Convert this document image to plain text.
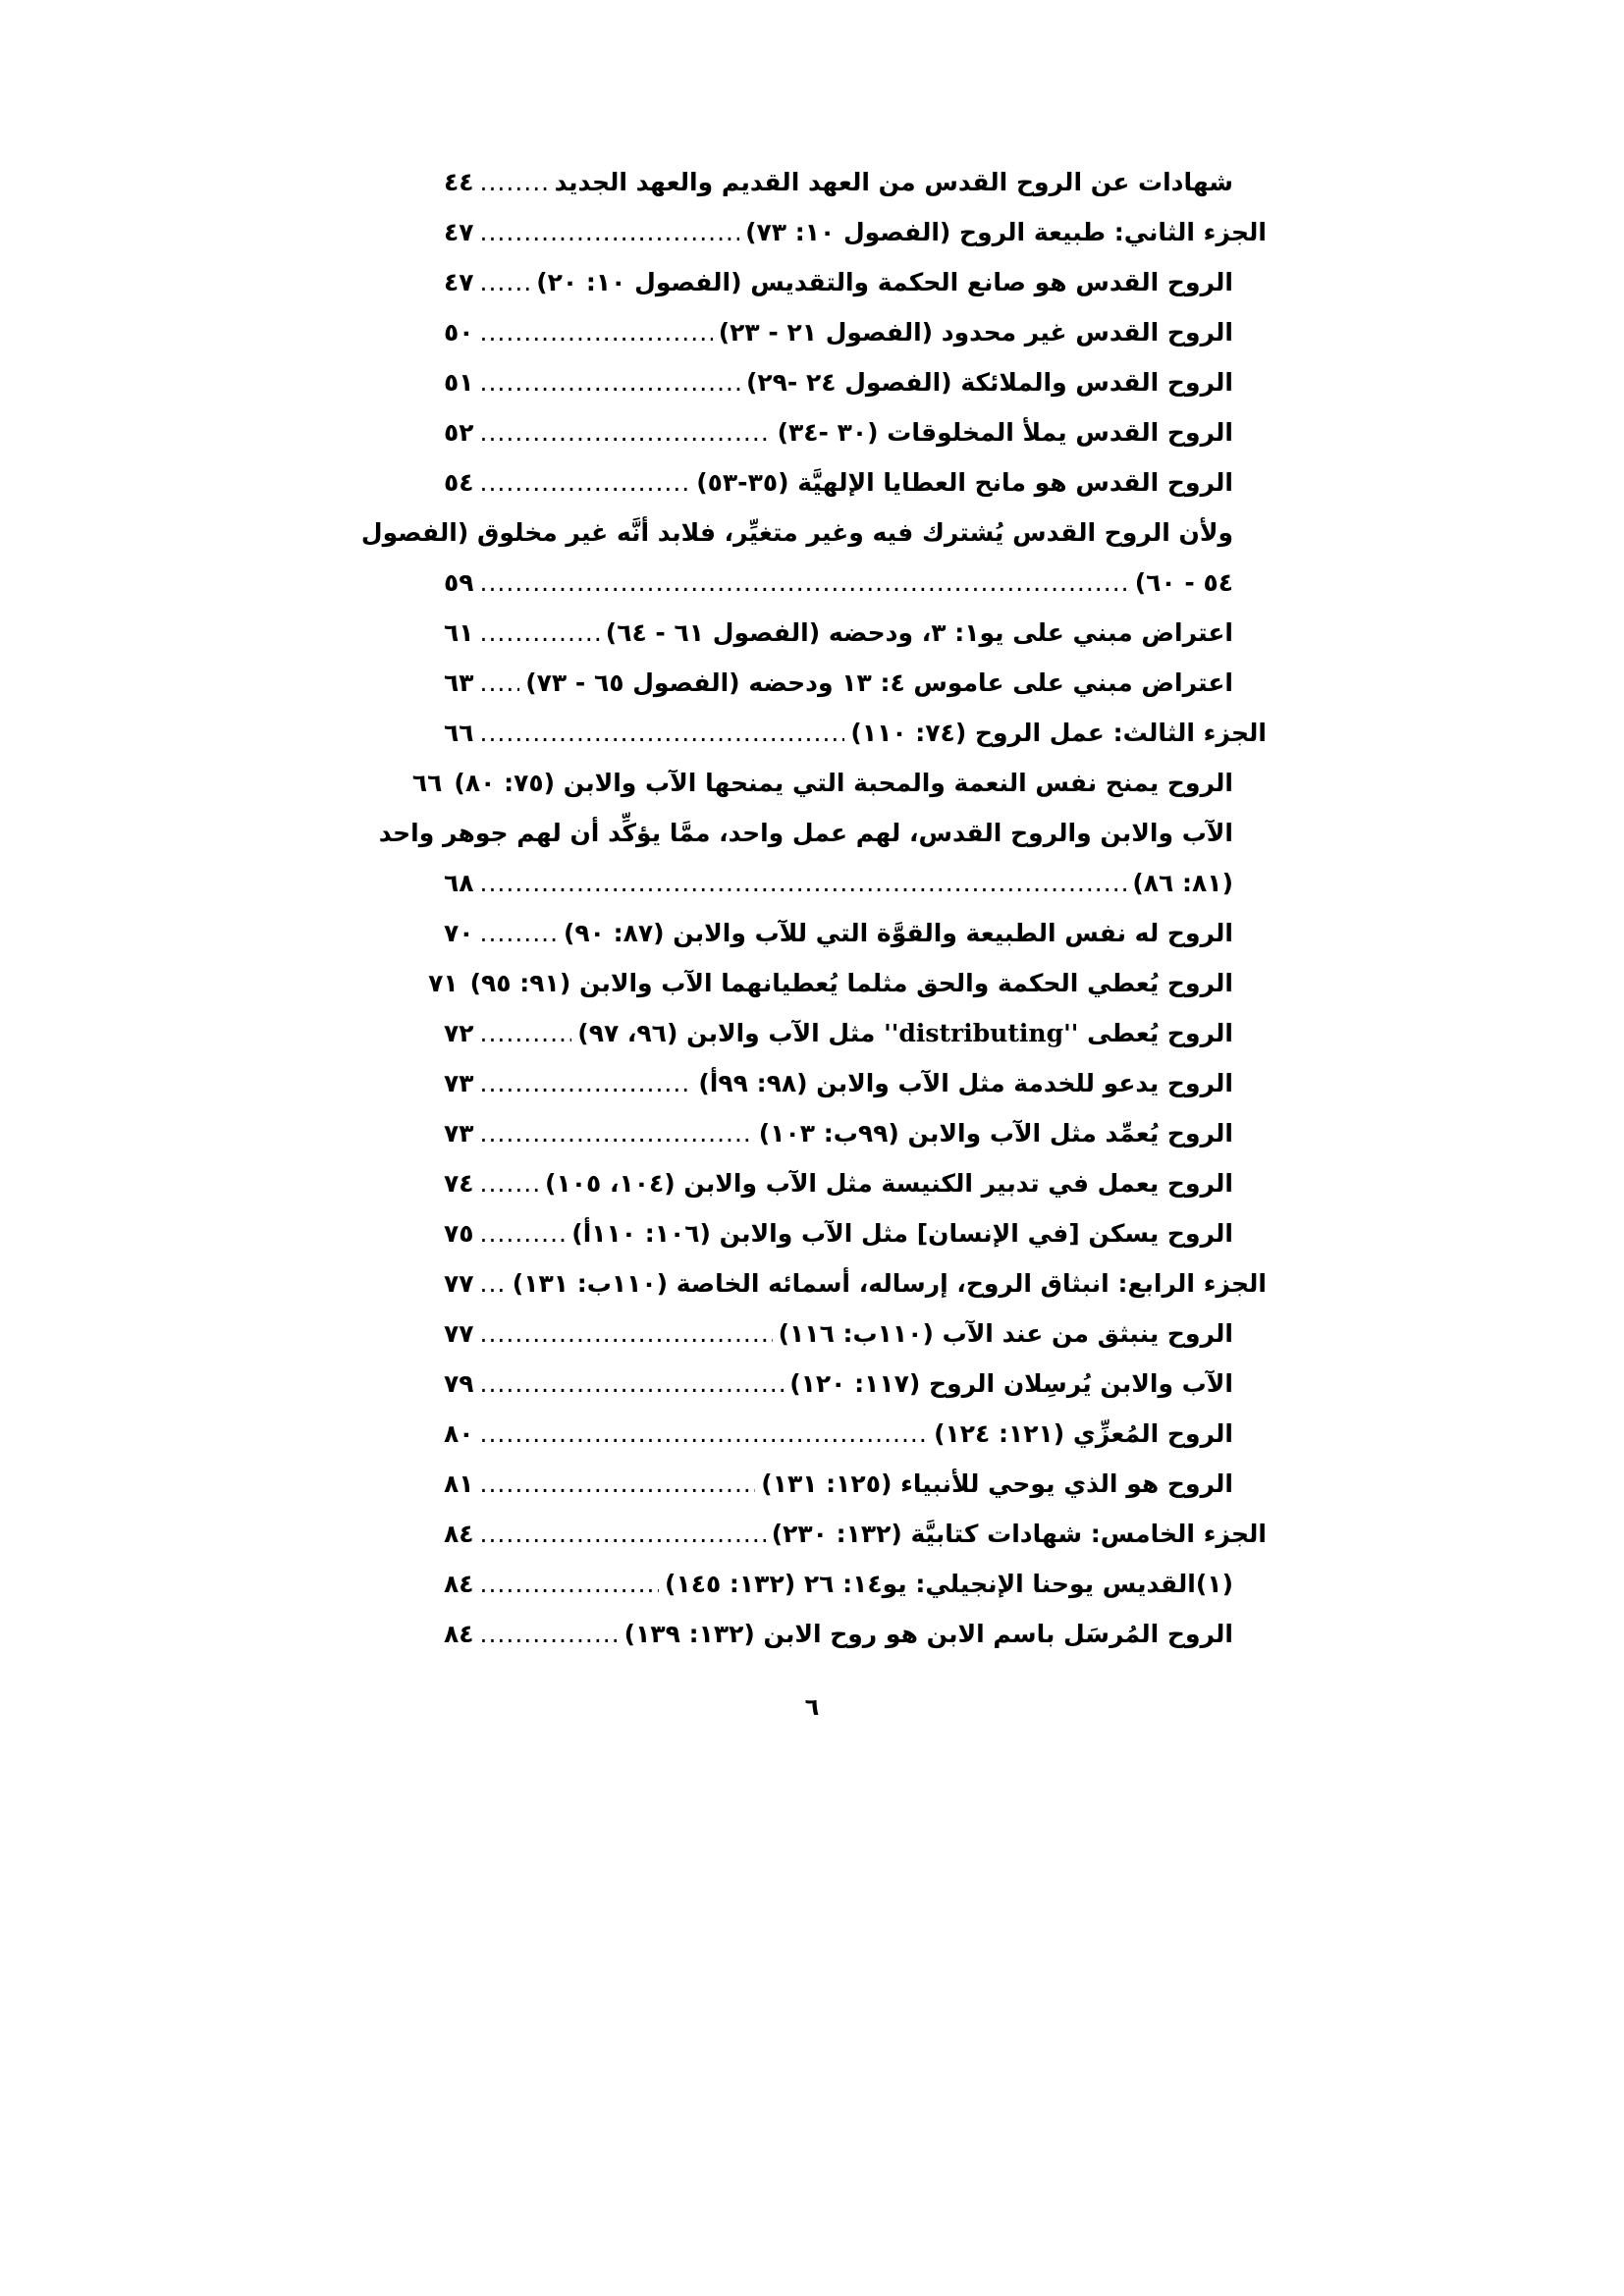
شهادات عن الروح القدس من العهد القديم والعهد الجديد
.....
٤٤
الجزء الثاني: طبيعة الروح (الفصول ١٠: ٧٣)
.....
٤٧
الروح القدس هو صانع الحكمة والتقديس (الفصول ١٠: ٢٠)
.....
٤٧
الروح القدس غير محدود (الفصول ٢١ - ٢٣)
.....
٥٠
الروح القدس والملائكة (الفصول ٢٤ -٢٩)
.....
٥١
الروح القدس يملأ المخلوقات (٣٠ -٣٤)
.....
٥٢
الروح القدس هو مانح العطايا الإلهيَّة (٣٥-٥٣)
.....
٥٤
ولأن الروح القدس يُشترك فيه وغير متغيِّر، فلابد أنَّه غير مخلوق (الفصول
٥٤ - ٦٠)
.....
٥٩
اعتراض مبني على يو١: ٣، ودحضه (الفصول ٦١ - ٦٤)
.....
٦١
اعتراض مبني على عاموس ٤: ١٣ ودحضه (الفصول ٦٥ - ٧٣)
.....
٦٣
الجزء الثالث: عمل الروح (٧٤: ١١٠)
.....
٦٦
الروح يمنح نفس النعمة والمحبة التي يمنحها الآب والابن (٧٥: ٨٠)
٦٦
الآب والابن والروح القدس، لهم عمل واحد، ممَّا يؤكِّد أن لهم جوهر واحد
(٨١: ٨٦)
.....
٦٨
الروح له نفس الطبيعة والقوَّة التي للآب والابن (٨٧: ٩٠)
.....
٧٠
الروح يُعطي الحكمة والحق مثلما يُعطيانهما الآب والابن (٩١: ٩٥)
٧١
الروح يُعطى ''distributing'' مثل الآب والابن (٩٦، ٩٧)
.....
٧٢
الروح يدعو للخدمة مثل الآب والابن (٩٨: ٩٩أ)
.....
٧٣
الروح يُعمِّد مثل الآب والابن (٩٩ب: ١٠٣)
.....
٧٣
الروح يعمل في تدبير الكنيسة مثل الآب والابن (١٠٤، ١٠٥)
.....
٧٤
الروح يسكن [في الإنسان] مثل الآب والابن (١٠٦: ١١٠أ)
.....
٧٥
الجزء الرابع: انبثاق الروح، إرساله، أسمائه الخاصة (١١٠ب: ١٣١)
.....
٧٧
الروح ينبثق من عند الآب (١١٠ب: ١١٦)
.....
٧٧
الآب والابن يُرسِلان الروح (١١٧: ١٢٠)
.....
٧٩
الروح المُعزِّي (١٢١: ١٢٤)
.....
٨٠
الروح هو الذي يوحي للأنبياء (١٢٥: ١٣١)
.....
٨١
الجزء الخامس: شهادات كتابيَّة (١٣٢: ٢٣٠)
.....
٨٤
(١)القديس يوحنا الإنجيلي: يو١٤: ٢٦ (١٣٢: ١٤٥)
.....
٨٤
الروح المُرسَل باسم الابن هو روح الابن (١٣٢: ١٣٩)
.....
٨٤
٦
